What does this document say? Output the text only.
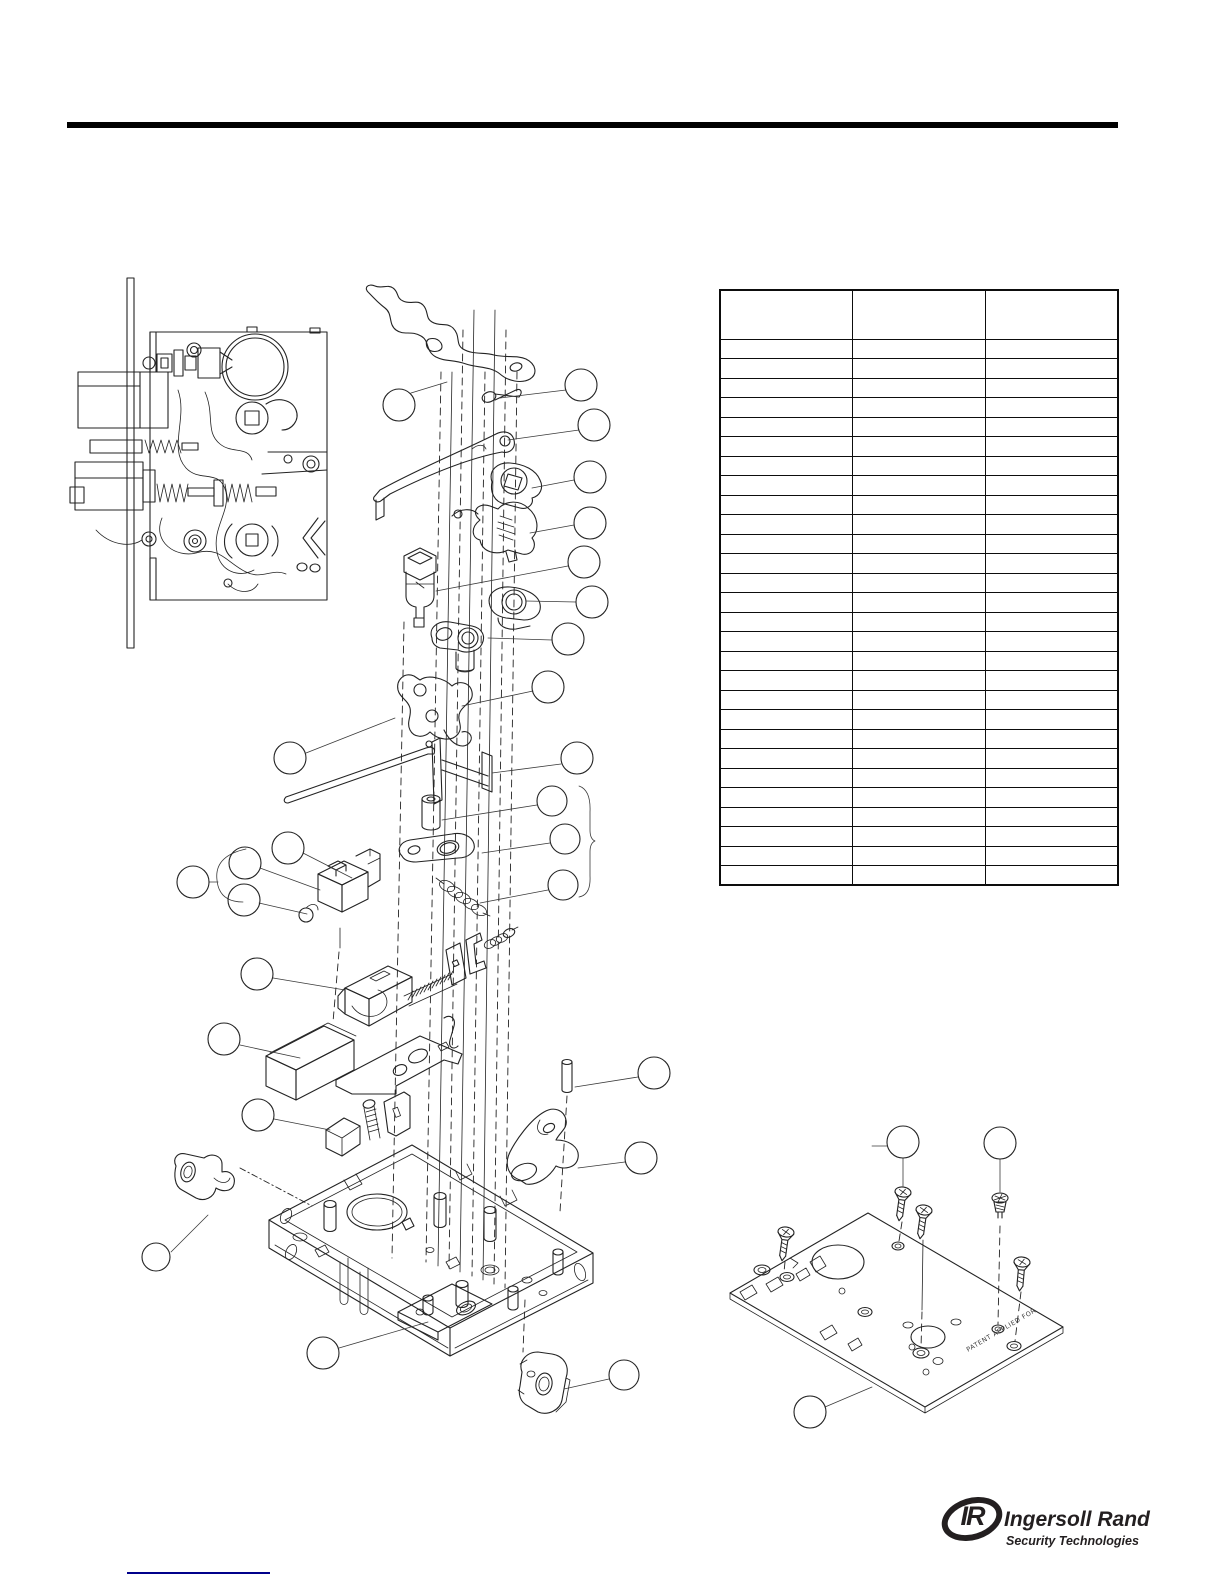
PATENT APPLIED FOR

IR Ingersoll Rand
Security Technologies
